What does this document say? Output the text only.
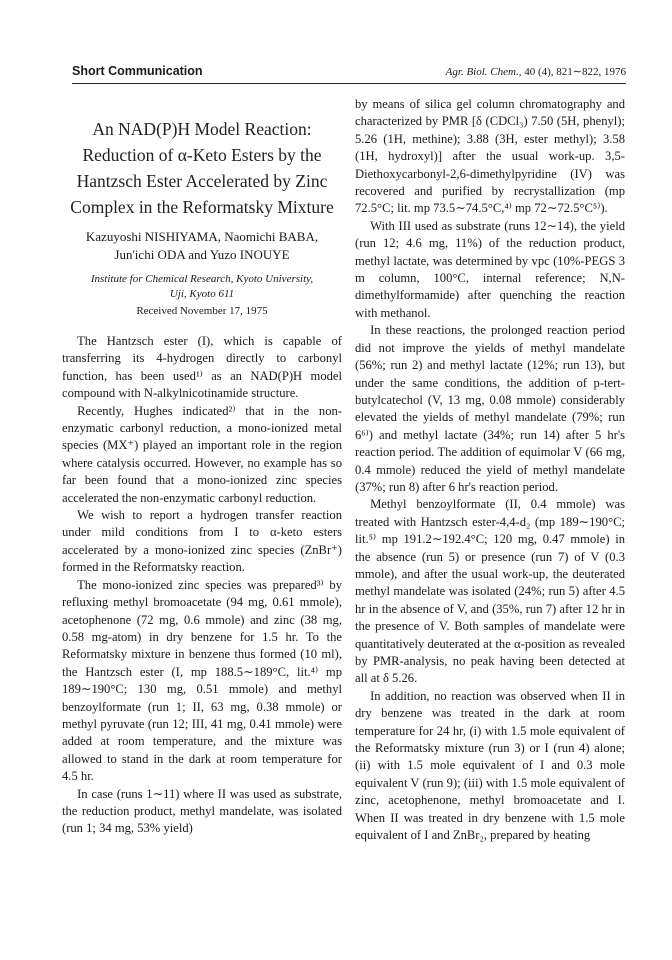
Short Communication	Agr. Biol. Chem., 40 (4), 821∼822, 1976
An NAD(P)H Model Reaction: Reduction of α-Keto Esters by the Hantzsch Ester Accelerated by Zinc Complex in the Reformatsky Mixture
Kazuyoshi NISHIYAMA, Naomichi BABA,
Jun'ichi ODA and Yuzo INOUYE
Institute for Chemical Research, Kyoto University,
Uji, Kyoto 611
Received November 17, 1975

The Hantzsch ester (I), which is capable of transferring its 4-hydrogen directly to carbonyl function, has been used¹⁾ as an NAD(P)H model compound with N-alkylnicotinamide structure.

Recently, Hughes indicated²⁾ that in the non-enzymatic carbonyl reduction, a mono-ionized metal species (MX⁺) played an important role in the region where catalysis occurred. However, no example has so far been found that a mono-ionized zinc species accelerated the non-enzymatic carbonyl reduction.

We wish to report a hydrogen transfer reaction under mild conditions from I to α-keto esters accelerated by a mono-ionized zinc species (ZnBr⁺) formed in the Reformatsky reaction.

The mono-ionized zinc species was prepared³⁾ by refluxing methyl bromoacetate (94 mg, 0.61 mmole), acetophenone (72 mg, 0.6 mmole) and zinc (38 mg, 0.58 mg-atom) in dry benzene for 1.5 hr. To the Reformatsky mixture in benzene thus formed (10 ml), the Hantzsch ester (I, mp 188.5∼189°C, lit.⁴⁾ mp 189∼190°C; 130 mg, 0.51 mmole) and methyl benzoylformate (run 1; II, 63 mg, 0.38 mmole) or methyl pyruvate (run 12; III, 41 mg, 0.41 mmole) were added at room temperature, and the mixture was allowed to stand in the dark at room temperature for 4.5 hr.

In case (runs 1∼11) where II was used as substrate, the reduction product, methyl mandelate, was isolated (run 1; 34 mg, 53% yield)

by means of silica gel column chromatography and characterized by PMR [δ (CDCl₃) 7.50 (5H, phenyl); 5.26 (1H, methine); 3.88 (3H, ester methyl); 3.58 (1H, hydroxyl)] after the usual work-up. 3,5-Diethoxycarbonyl-2,6-dimethylpyridine (IV) was recovered and purified by recrystallization (mp 72.5°C; lit. mp 73.5∼74.5°C,⁴⁾ mp 72∼72.5°C⁵⁾).

With III used as substrate (runs 12∼14), the yield (run 12; 4.6 mg, 11%) of the reduction product, methyl lactate, was determined by vpc (10%-PEGS 3 m column, 100°C, internal reference; N,N-dimethylformamide) after quenching the reaction with methanol.

In these reactions, the prolonged reaction period did not improve the yields of methyl mandelate (56%; run 2) and methyl lactate (12%; run 13), but under the same conditions, the addition of p-tert-butylcatechol (V, 13 mg, 0.08 mmole) considerably elevated the yields of methyl mandelate (79%; run 6⁶⁾) and methyl lactate (34%; run 14) after 5 hr's reaction period. The addition of equimolar V (66 mg, 0.4 mmole) reduced the yield of methyl mandelate (37%; run 8) after 6 hr's reaction period.

Methyl benzoylformate (II, 0.4 mmole) was treated with Hantzsch ester-4,4-d₂ (mp 189∼190°C; lit.⁵⁾ mp 191.2∼192.4°C; 120 mg, 0.47 mmole) in the absence (run 5) or presence (run 7) of V (0.3 mmole), and after the usual work-up, the deuterated methyl mandelate was isolated (24%; run 5) after 4.5 hr in the absence of V, and (35%, run 7) after 12 hr in the presence of V. Both samples of mandelate were quantitatively deuterated at the α-position as revealed by PMR-analysis, no peak having been detected at all at δ 5.26.

In addition, no reaction was observed when II in dry benzene was treated in the dark at room temperature for 24 hr, (i) with 1.5 mole equivalent of the Reformatsky mixture (run 3) or I (run 4) alone; (ii) with 1.5 mole equivalent of I and 0.3 mole equivalent V (run 9); (iii) with 1.5 mole equivalent of zinc, acetophenone, methyl bromoacetate and I. When II was treated in dry benzene with 1.5 mole equivalent of I and ZnBr₂, prepared by heating
